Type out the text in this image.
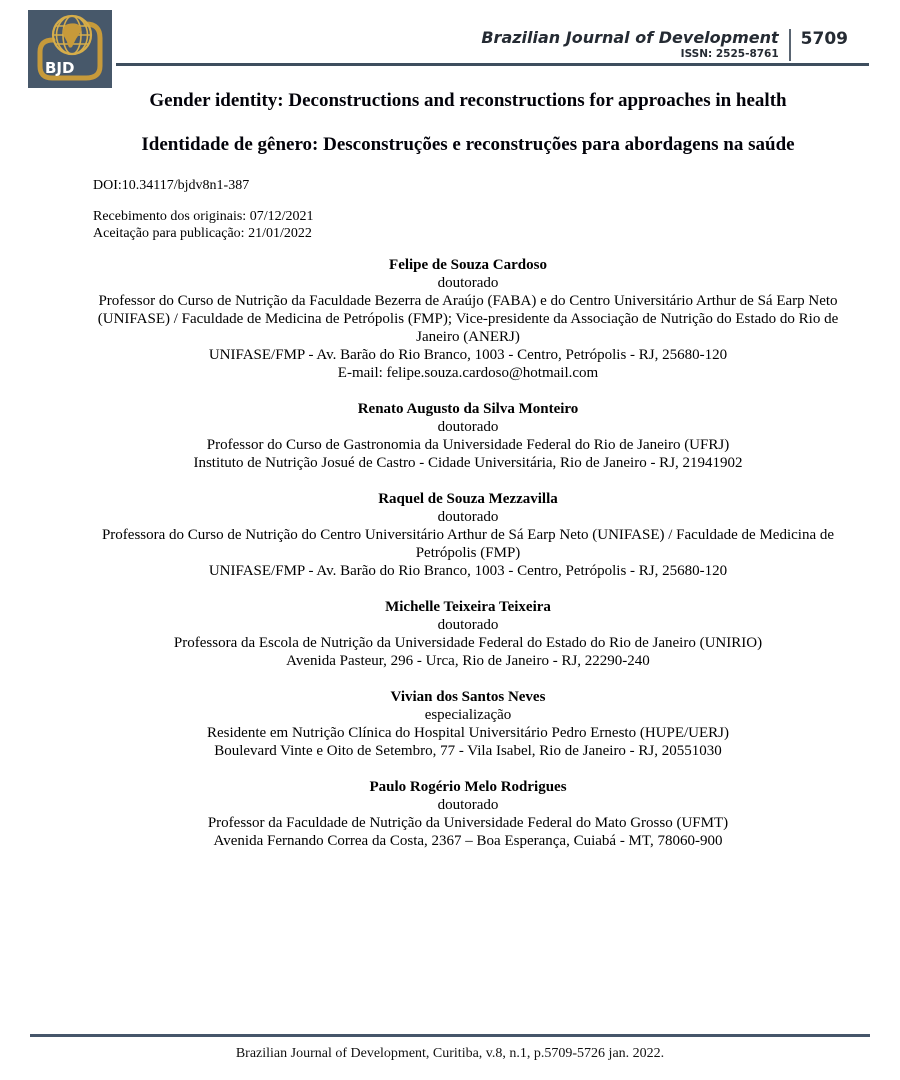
BJD
Brazilian Journal of Development
ISSN: 2525-8761
5709
Gender identity: Deconstructions and reconstructions for approaches in health
Identidade de gênero: Desconstruções e reconstruções para abordagens na saúde
DOI:10.34117/bjdv8n1-387
Recebimento dos originais: 07/12/2021
Aceitação para publicação: 21/01/2022
Felipe de Souza Cardoso
doutorado
Professor do Curso de Nutrição da Faculdade Bezerra de Araújo (FABA) e do Centro Universitário Arthur de Sá Earp Neto (UNIFASE) / Faculdade de Medicina de Petrópolis (FMP); Vice-presidente da Associação de Nutrição do Estado do Rio de Janeiro (ANERJ)
UNIFASE/FMP - Av. Barão do Rio Branco, 1003 - Centro, Petrópolis - RJ, 25680-120
E-mail: felipe.souza.cardoso@hotmail.com
Renato Augusto da Silva Monteiro
doutorado
Professor do Curso de Gastronomia da Universidade Federal do Rio de Janeiro (UFRJ)
Instituto de Nutrição Josué de Castro - Cidade Universitária, Rio de Janeiro - RJ, 21941902
Raquel de Souza Mezzavilla
doutorado
Professora do Curso de Nutrição do Centro Universitário Arthur de Sá Earp Neto (UNIFASE) / Faculdade de Medicina de Petrópolis (FMP)
UNIFASE/FMP - Av. Barão do Rio Branco, 1003 - Centro, Petrópolis - RJ, 25680-120
Michelle Teixeira Teixeira
doutorado
Professora da Escola de Nutrição da Universidade Federal do Estado do Rio de Janeiro (UNIRIO)
Avenida Pasteur, 296 - Urca, Rio de Janeiro - RJ, 22290-240
Vivian dos Santos Neves
especialização
Residente em Nutrição Clínica do Hospital Universitário Pedro Ernesto (HUPE/UERJ)
Boulevard Vinte e Oito de Setembro, 77 - Vila Isabel, Rio de Janeiro - RJ, 20551030
Paulo Rogério Melo Rodrigues
doutorado
Professor da Faculdade de Nutrição da Universidade Federal do Mato Grosso (UFMT)
Avenida Fernando Correa da Costa, 2367 – Boa Esperança, Cuiabá - MT, 78060-900
Brazilian Journal of Development, Curitiba, v.8, n.1, p.5709-5726 jan. 2022.
